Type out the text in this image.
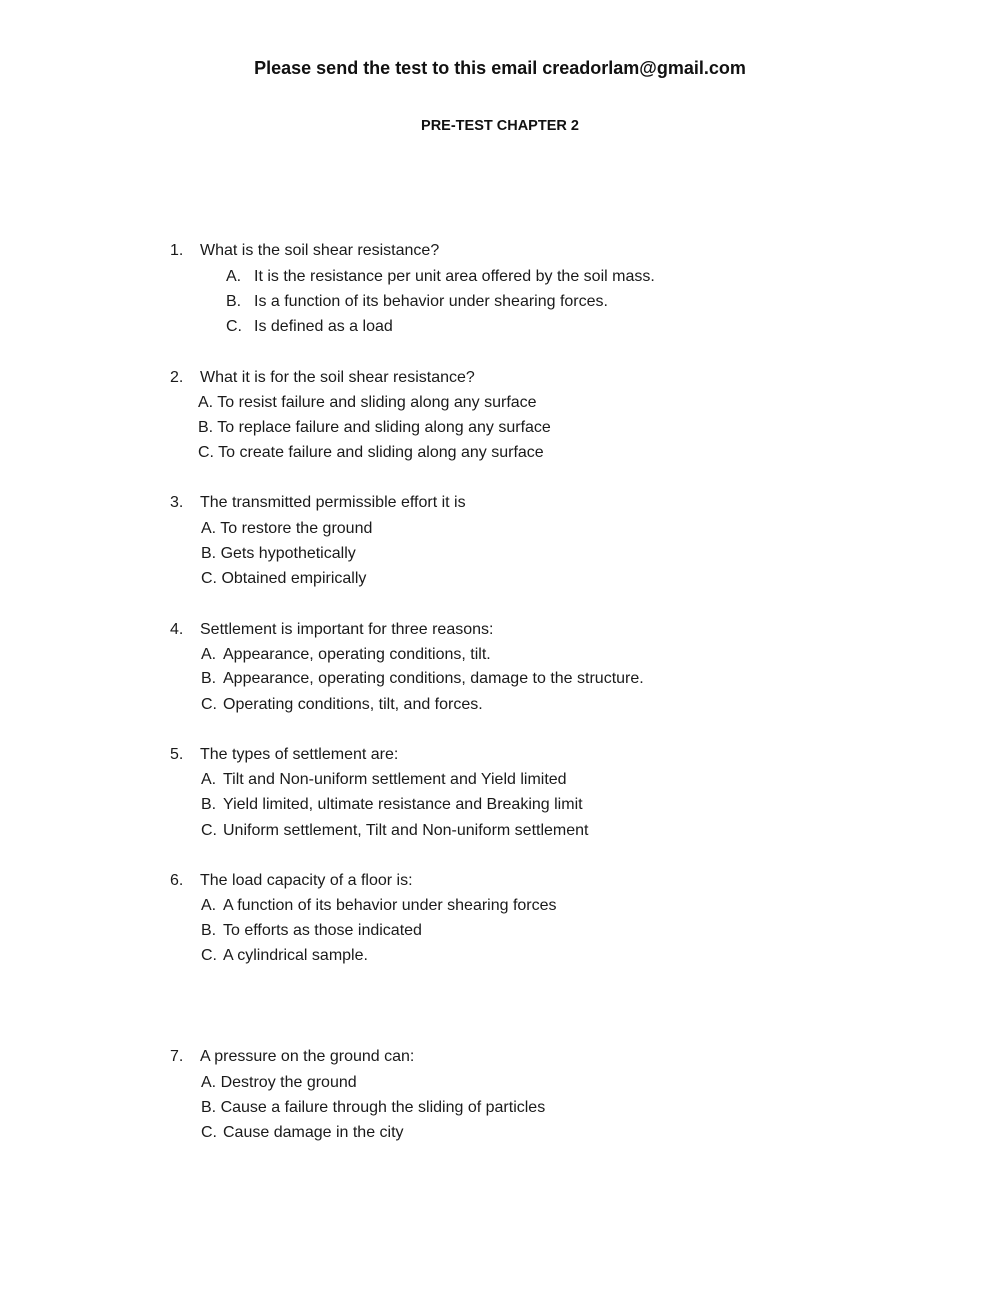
Please send the test to this email creadorlam@gmail.com
PRE-TEST CHAPTER 2
1. What is the soil shear resistance?
A. It is the resistance per unit area offered by the soil mass.
B. Is a function of its behavior under shearing forces.
C. Is defined as a load
2. What it is for the soil shear resistance?
A. To resist failure and sliding along any surface
B. To replace failure and sliding along any surface
C. To create failure and sliding along any surface
3. The transmitted permissible effort it is
A. To restore the ground
B. Gets hypothetically
C. Obtained empirically
4. Settlement is important for three reasons:
A. Appearance, operating conditions, tilt.
B. Appearance, operating conditions, damage to the structure.
C. Operating conditions, tilt, and forces.
5. The types of settlement are:
A. Tilt and Non-uniform settlement and Yield limited
B. Yield limited, ultimate resistance and Breaking limit
C. Uniform settlement, Tilt and Non-uniform settlement
6. The load capacity of a floor is:
A. A function of its behavior under shearing forces
B. To efforts as those indicated
C. A cylindrical sample.
7. A pressure on the ground can:
A. Destroy the ground
B. Cause a failure through the sliding of particles
C. Cause damage in the city
